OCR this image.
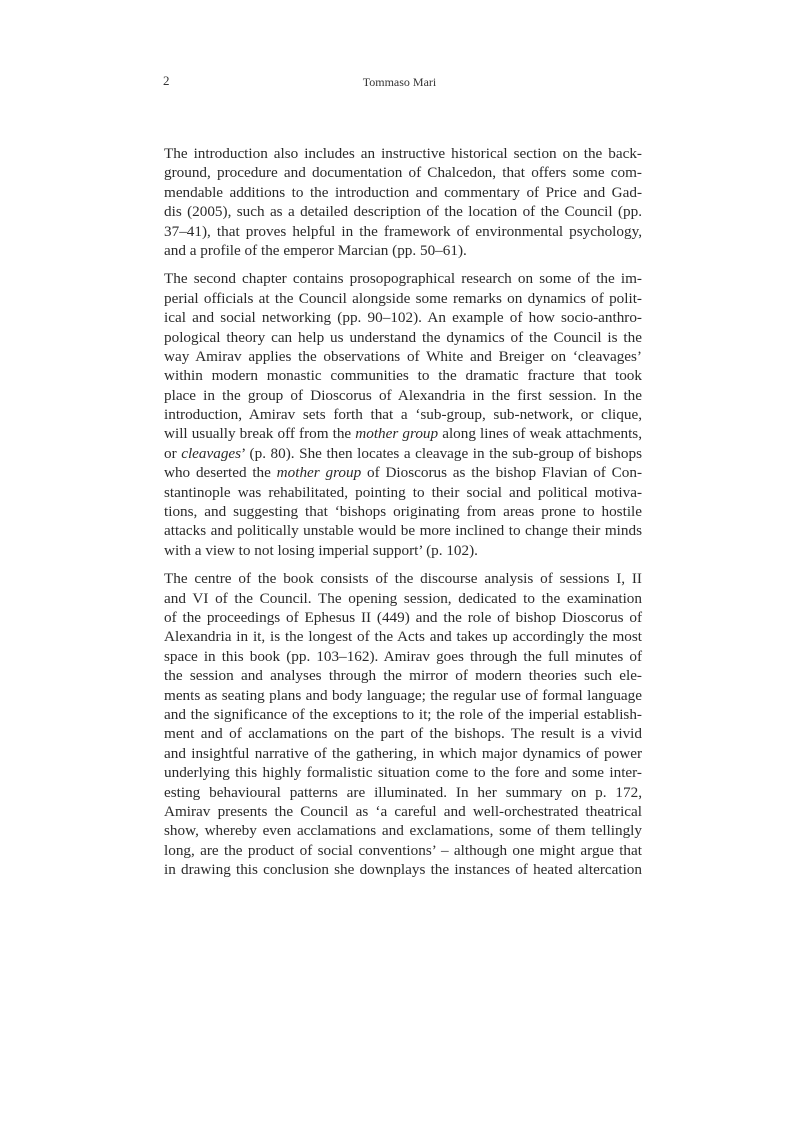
2	Tommaso Mari
The introduction also includes an instructive historical section on the back-
ground, procedure and documentation of Chalcedon, that offers some com-
mendable additions to the introduction and commentary of Price and Gad-
dis (2005), such as a detailed description of the location of the Council (pp.
37–41), that proves helpful in the framework of environmental psychology,
and a profile of the emperor Marcian (pp. 50–61).
The second chapter contains prosopographical research on some of the im-
perial officials at the Council alongside some remarks on dynamics of polit-
ical and social networking (pp. 90–102). An example of how socio-anthro-
pological theory can help us understand the dynamics of the Council is the
way Amirav applies the observations of White and Breiger on ‘cleavages’
within modern monastic communities to the dramatic fracture that took
place in the group of Dioscorus of Alexandria in the first session. In the
introduction, Amirav sets forth that a ‘sub-group, sub-network, or clique,
will usually break off from the mother group along lines of weak attachments,
or cleavages’ (p. 80). She then locates a cleavage in the sub-group of bishops
who deserted the mother group of Dioscorus as the bishop Flavian of Con-
stantinople was rehabilitated, pointing to their social and political motiva-
tions, and suggesting that ‘bishops originating from areas prone to hostile
attacks and politically unstable would be more inclined to change their minds
with a view to not losing imperial support’ (p. 102).
The centre of the book consists of the discourse analysis of sessions I, II
and VI of the Council. The opening session, dedicated to the examination
of the proceedings of Ephesus II (449) and the role of bishop Dioscorus of
Alexandria in it, is the longest of the Acts and takes up accordingly the most
space in this book (pp. 103–162). Amirav goes through the full minutes of
the session and analyses through the mirror of modern theories such ele-
ments as seating plans and body language; the regular use of formal language
and the significance of the exceptions to it; the role of the imperial establish-
ment and of acclamations on the part of the bishops. The result is a vivid
and insightful narrative of the gathering, in which major dynamics of power
underlying this highly formalistic situation come to the fore and some inter-
esting behavioural patterns are illuminated. In her summary on p. 172,
Amirav presents the Council as ‘a careful and well-orchestrated theatrical
show, whereby even acclamations and exclamations, some of them tellingly
long, are the product of social conventions’ – although one might argue that
in drawing this conclusion she downplays the instances of heated altercation
